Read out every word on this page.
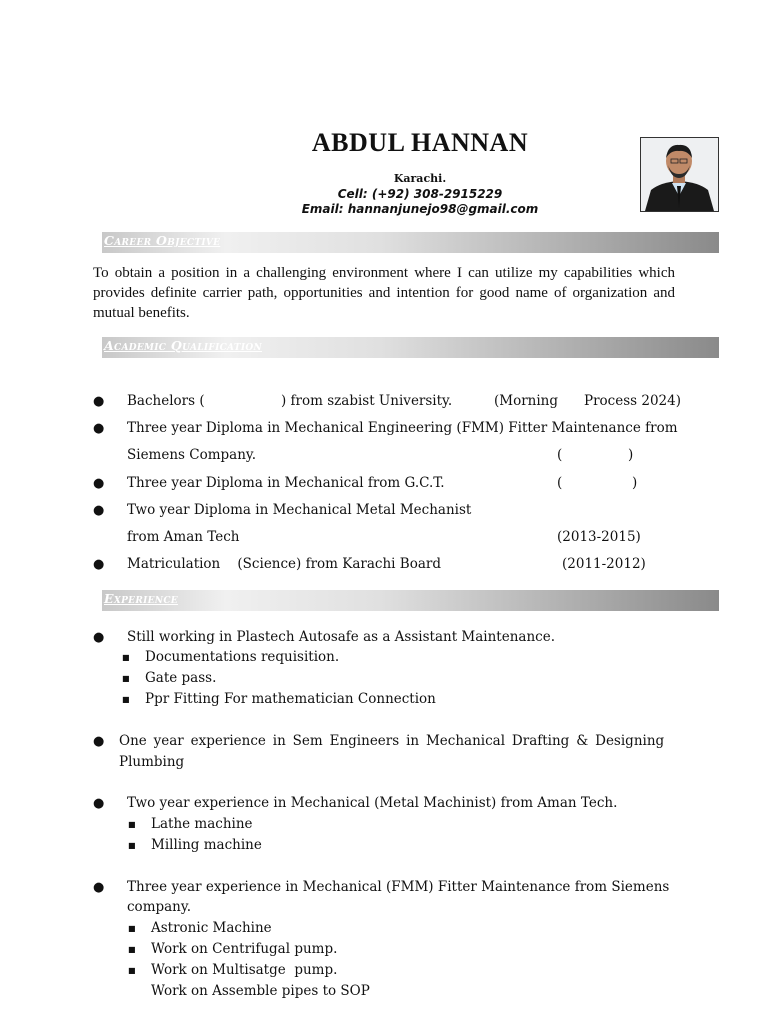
ABDUL HANNAN
Karachi.
Cell: (+92) 308-2915229
Email: hannanjunejo98@gmail.com
Career Objective
To obtain a position in a challenging environment where I can utilize my capabilities which provides definite carrier path, opportunities and intention for good name of organization and mutual benefits.
Academic Qualification
● Bachelors (	) from szabist University.	(Morning Process 2024)
● Three year Diploma in Mechanical Engineering (FMM) Fitter Maintenance from
Siemens Company.	(	)
● Three year Diploma in Mechanical from G.C.T.	(	)
● Two year Diploma in Mechanical Metal Mechanist
from Aman Tech	(2013-2015)
● Matriculation    (Science) from Karachi Board	(2011-2012)
Experience
● Still working in Plastech Autosafe as a Assistant Maintenance.
■ Documentations requisition.
■ Gate pass.
■ Ppr Fitting For mathematician Connection
● One year experience in Sem Engineers in Mechanical Drafting & Designing
Plumbing
● Two year experience in Mechanical (Metal Machinist) from Aman Tech.
■ Lathe machine
■ Milling machine
● Three year experience in Mechanical (FMM) Fitter Maintenance from Siemens
company.
■ Astronic Machine
■ Work on Centrifugal pump.
■ Work on Multisatge  pump.
Work on Assemble pipes to SOP
